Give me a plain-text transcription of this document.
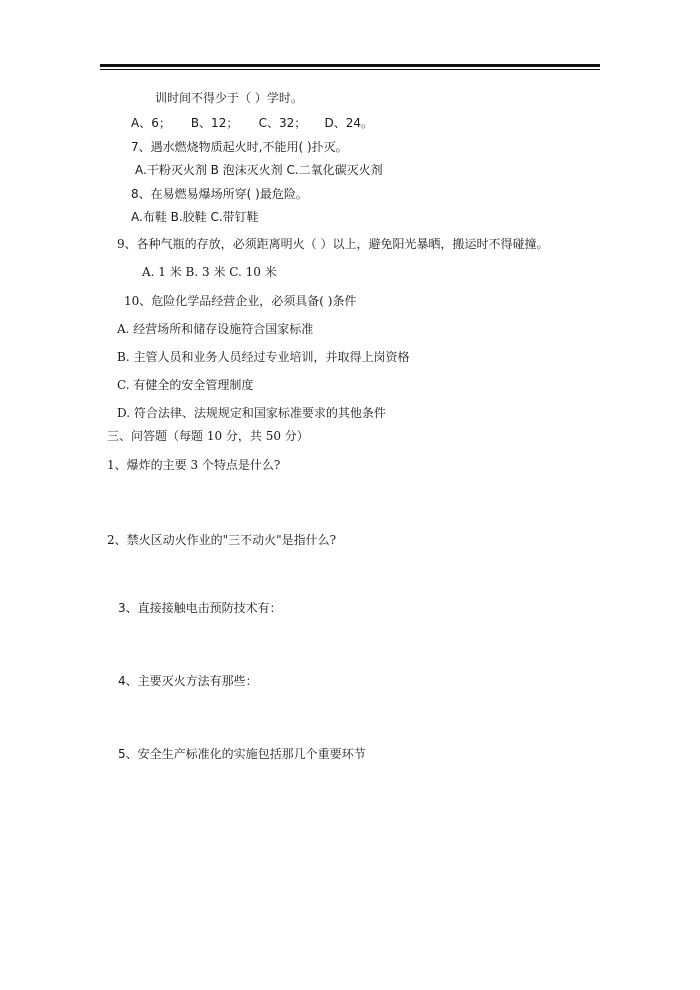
训时间不得少于（ ）学时。
A、6； B、12； C、32； D、24。
7、遇水燃烧物质起火时,不能用( )扑灭。
A.干粉灭火剂 B 泡沫灭火剂 C.二氧化碳灭火剂
8、在易燃易爆场所穿( )最危险。
A.布鞋 B.胶鞋 C.带钉鞋
9、各种气瓶的存放，必须距离明火（ ）以上，避免阳光暴晒，搬运时不得碰撞。
A. 1 米 B. 3 米 C. 10 米
10、危险化学品经营企业，必须具备( )条件
A. 经营场所和储存设施符合国家标准
B. 主管人员和业务人员经过专业培训，并取得上岗资格
C. 有健全的安全管理制度
D. 符合法律、法规规定和国家标准要求的其他条件
三、问答题（每题 10 分，共 50 分）
1、爆炸的主要 3 个特点是什么?
2、禁火区动火作业的"三不动火"是指什么?
3、直接接触电击预防技术有：
4、主要灭火方法有那些：
5、安全生产标准化的实施包括那几个重要环节
